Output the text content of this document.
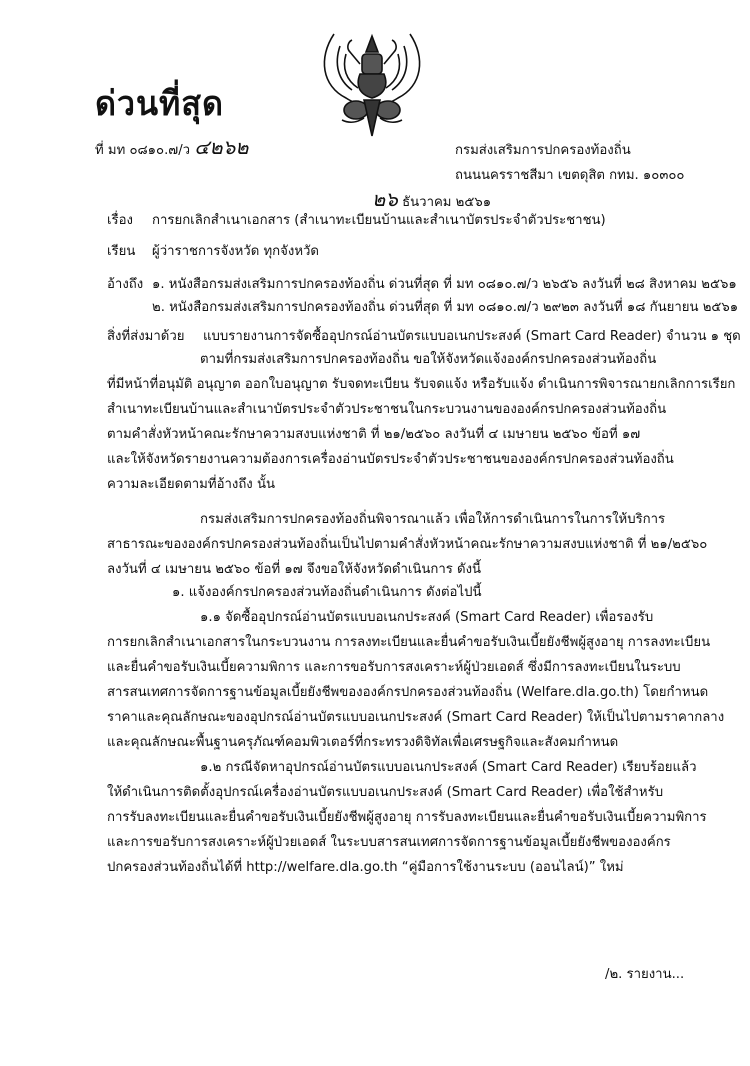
ด่วนที่สุด
ที่ มท ๐๘๑๐.๗/ว ๔๒๖๒	กรมส่งเสริมการปกครองท้องถิ่น
ถนนนครราชสีมา เขตดุสิต กทม. ๑๐๓๐๐
๒๖ ธันวาคม ๒๕๖๑
เรื่อง การยกเลิกสำเนาเอกสาร (สำเนาทะเบียนบ้านและสำเนาบัตรประจำตัวประชาชน)
เรียน ผู้ว่าราชการจังหวัด ทุกจังหวัด
อ้างถึง ๑. หนังสือกรมส่งเสริมการปกครองท้องถิ่น ด่วนที่สุด ที่ มท ๐๘๑๐.๗/ว ๒๖๕๖ ลงวันที่ ๒๘ สิงหาคม ๒๕๖๑
๒. หนังสือกรมส่งเสริมการปกครองท้องถิ่น ด่วนที่สุด ที่ มท ๐๘๑๐.๗/ว ๒๙๒๓ ลงวันที่ ๑๘ กันยายน ๒๕๖๑
สิ่งที่ส่งมาด้วย แบบรายงานการจัดซื้ออุปกรณ์อ่านบัตรแบบอเนกประสงค์ (Smart Card Reader) จำนวน ๑ ชุด
ตามที่กรมส่งเสริมการปกครองท้องถิ่น ขอให้จังหวัดแจ้งองค์กรปกครองส่วนท้องถิ่น
ที่มีหน้าที่อนุมัติ อนุญาต ออกใบอนุญาต รับจดทะเบียน รับจดแจ้ง หรือรับแจ้ง ดำเนินการพิจารณายกเลิกการเรียก
สำเนาทะเบียนบ้านและสำเนาบัตรประจำตัวประชาชนในกระบวนงานขององค์กรปกครองส่วนท้องถิ่น
ตามคำสั่งหัวหน้าคณะรักษาความสงบแห่งชาติ ที่ ๒๑/๒๕๖๐ ลงวันที่ ๔ เมษายน ๒๕๖๐ ข้อที่ ๑๗
และให้จังหวัดรายงานความต้องการเครื่องอ่านบัตรประจำตัวประชาชนขององค์กรปกครองส่วนท้องถิ่น
ความละเอียดตามที่อ้างถึง นั้น
กรมส่งเสริมการปกครองท้องถิ่นพิจารณาแล้ว เพื่อให้การดำเนินการในการให้บริการ
สาธารณะขององค์กรปกครองส่วนท้องถิ่นเป็นไปตามคำสั่งหัวหน้าคณะรักษาความสงบแห่งชาติ ที่ ๒๑/๒๕๖๐
ลงวันที่ ๔ เมษายน ๒๕๖๐ ข้อที่ ๑๗ จึงขอให้จังหวัดดำเนินการ ดังนี้
๑. แจ้งองค์กรปกครองส่วนท้องถิ่นดำเนินการ ดังต่อไปนี้
๑.๑ จัดซื้ออุปกรณ์อ่านบัตรแบบอเนกประสงค์ (Smart Card Reader) เพื่อรองรับ
การยกเลิกสำเนาเอกสารในกระบวนงาน การลงทะเบียนและยื่นคำขอรับเงินเบี้ยยังชีพผู้สูงอายุ การลงทะเบียน
และยื่นคำขอรับเงินเบี้ยความพิการ และการขอรับการสงเคราะห์ผู้ป่วยเอดส์ ซึ่งมีการลงทะเบียนในระบบ
สารสนเทศการจัดการฐานข้อมูลเบี้ยยังชีพขององค์กรปกครองส่วนท้องถิ่น (Welfare.dla.go.th) โดยกำหนด
ราคาและคุณลักษณะของอุปกรณ์อ่านบัตรแบบอเนกประสงค์ (Smart Card Reader) ให้เป็นไปตามราคากลาง
และคุณลักษณะพื้นฐานครุภัณฑ์คอมพิวเตอร์ที่กระทรวงดิจิทัลเพื่อเศรษฐกิจและสังคมกำหนด
๑.๒ กรณีจัดหาอุปกรณ์อ่านบัตรแบบอเนกประสงค์ (Smart Card Reader) เรียบร้อยแล้ว
ให้ดำเนินการติดตั้งอุปกรณ์เครื่องอ่านบัตรแบบอเนกประสงค์ (Smart Card Reader) เพื่อใช้สำหรับ
การรับลงทะเบียนและยื่นคำขอรับเงินเบี้ยยังชีพผู้สูงอายุ การรับลงทะเบียนและยื่นคำขอรับเงินเบี้ยความพิการ
และการขอรับการสงเคราะห์ผู้ป่วยเอดส์ ในระบบสารสนเทศการจัดการฐานข้อมูลเบี้ยยังชีพขององค์กร
ปกครองส่วนท้องถิ่นได้ที่ http://welfare.dla.go.th “คู่มือการใช้งานระบบ (ออนไลน์)” ใหม่
/๒. รายงาน...
